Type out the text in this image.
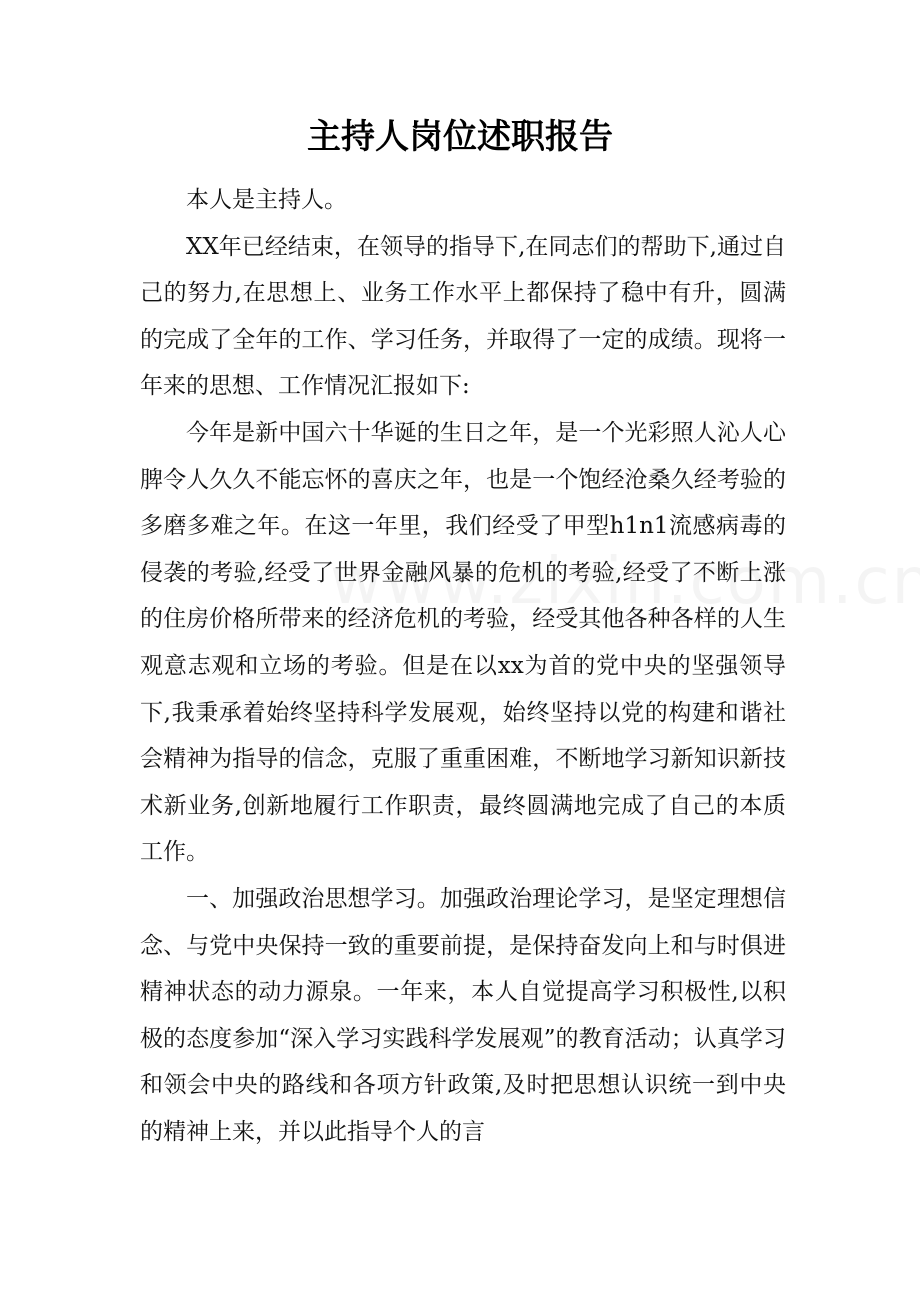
主持人岗位述职报告

本人是主持人。

XX年已经结束，在领导的指导下,在同志们的帮助下,通过自己的努力,在思想上、业务工作水平上都保持了稳中有升，圆满的完成了全年的工作、学习任务，并取得了一定的成绩。现将一年来的思想、工作情况汇报如下:

今年是新中国六十华诞的生日之年，是一个光彩照人沁人心脾令人久久不能忘怀的喜庆之年，也是一个饱经沧桑久经考验的多磨多难之年。在这一年里，我们经受了甲型h1n1流感病毒的侵袭的考验,经受了世界金融风暴的危机的考验,经受了不断上涨的住房价格所带来的经济危机的考验，经受其他各种各样的人生观意志观和立场的考验。但是在以xx为首的党中央的坚强领导下,我秉承着始终坚持科学发展观，始终坚持以党的构建和谐社会精神为指导的信念，克服了重重困难，不断地学习新知识新技术新业务,创新地履行工作职责，最终圆满地完成了自己的本质工作。

一、加强政治思想学习。加强政治理论学习，是坚定理想信念、与党中央保持一致的重要前提，是保持奋发向上和与时俱进精神状态的动力源泉。一年来，本人自觉提高学习积极性,以积极的态度参加“深入学习实践科学发展观”的教育活动；认真学习和领会中央的路线和各项方针政策,及时把思想认识统一到中央的精神上来，并以此指导个人的言
